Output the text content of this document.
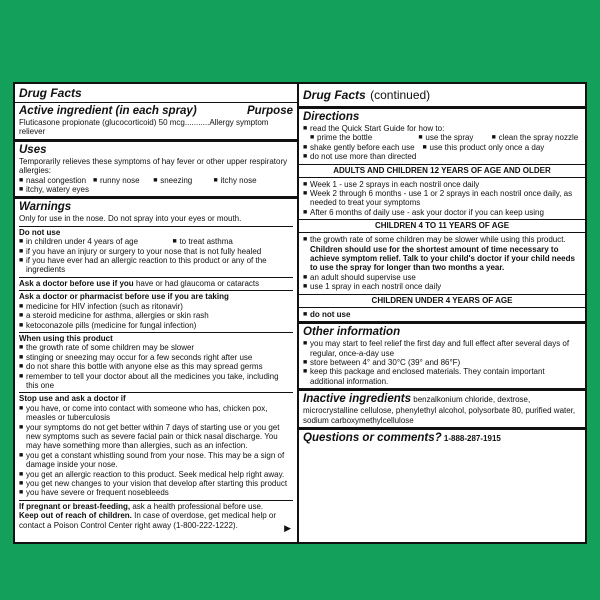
Drug Facts
Active ingredient (in each spray)	Purpose
Fluticasone propionate (glucocorticoid) 50 mcg...........Allergy symptom reliever
Uses
Temporarily relieves these symptoms of hay fever or other upper respiratory allergies:
■ nasal congestion ■ runny nose	■ sneezing	■ itchy nose
■ itchy, watery eyes
Warnings
Only for use in the nose. Do not spray into your eyes or mouth.
Do not use
■ in children under 4 years of age	■ to treat asthma
■ if you have an injury or surgery to your nose that is not fully healed
■ if you have ever had an allergic reaction to this product or any of the ingredients
Ask a doctor before use if you have or had glaucoma or cataracts
Ask a doctor or pharmacist before use if you are taking
■ medicine for HIV infection (such as ritonavir)
■ a steroid medicine for asthma, allergies or skin rash
■ ketoconazole pills (medicine for fungal infection)
When using this product
■ the growth rate of some children may be slower
■ stinging or sneezing may occur for a few seconds right after use
■ do not share this bottle with anyone else as this may spread germs
■ remember to tell your doctor about all the medicines you take, including this one
Stop use and ask a doctor if
■ you have, or come into contact with someone who has, chicken pox, measles or tuberculosis
■ your symptoms do not get better within 7 days of starting use or you get new symptoms such as severe facial pain or thick nasal discharge. You may have something more than allergies, such as an infection.
■ you get a constant whistling sound from your nose. This may be a sign of damage inside your nose.
■ you get an allergic reaction to this product. Seek medical help right away.
■ you get new changes to your vision that develop after starting this product
■ you have severe or frequent nosebleeds
If pregnant or breast-feeding, ask a health professional before use.
Keep out of reach of children. In case of overdose, get medical help or contact a Poison Control Center right away (1-800-222-1222).	▶
Drug Facts (continued)
Directions
■ read the Quick Start Guide for how to:
■ prime the bottle	■ use the spray	■ clean the spray nozzle
■ shake gently before each use	■ use this product only once a day
■ do not use more than directed
ADULTS AND CHILDREN 12 YEARS OF AGE AND OLDER
■ Week 1 - use 2 sprays in each nostril once daily
■ Week 2 through 6 months - use 1 or 2 sprays in each nostril once daily, as needed to treat your symptoms
■ After 6 months of daily use - ask your doctor if you can keep using
CHILDREN 4 TO 11 YEARS OF AGE
■ the growth rate of some children may be slower while using this product. Children should use for the shortest amount of time necessary to achieve symptom relief. Talk to your child's doctor if your child needs to use the spray for longer than two months a year.
■ an adult should supervise use
■ use 1 spray in each nostril once daily
CHILDREN UNDER 4 YEARS OF AGE
■ do not use
Other information
■ you may start to feel relief the first day and full effect after several days of regular, once-a-day use
■ store between 4° and 30°C (39° and 86°F)
■ keep this package and enclosed materials. They contain important additional information.
Inactive ingredients benzalkonium chloride, dextrose, microcrystalline cellulose, phenylethyl alcohol, polysorbate 80, purified water, sodium carboxymethylcellulose
Questions or comments? 1-888-287-1915
